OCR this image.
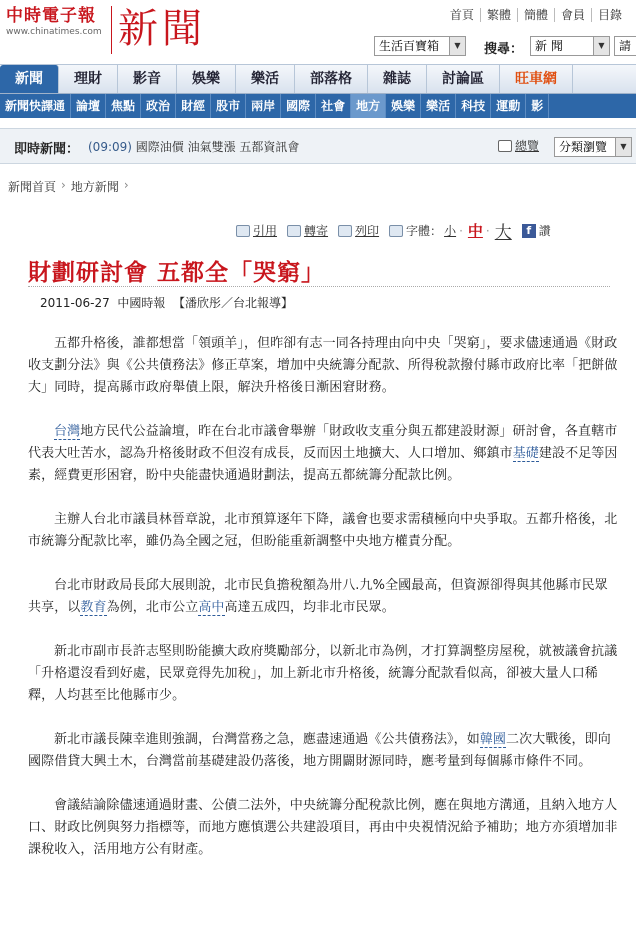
中時電子報
www.chinatimes.com 新聞	首頁	繁體	簡體	會員	目錄
生活百寶箱	▼	搜尋： 新 聞	▼	請
新聞	理財	影音	娛樂	樂活	部落格	雜誌	討論區	旺車網
新聞快譯通 論壇 焦點 政治 財經 股市 兩岸 國際 社會 地方 娛樂 樂活 科技 運動 影
即時新聞： (09:09) 國際油價 油氣雙漲 五都資訊會	總覽	分類瀏覽	▼
新聞首頁 › 地方新聞 ›
引用 轉寄 列印 字體： 小 · 中 · 大	f 讚
財劃研討會 五都全「哭窮」
2011-06-27 中國時報 【潘欣彤／台北報導】

五都升格後，誰都想當「領頭羊」，但昨卻有志一同各持理由向中央「哭窮」，要求儘速通過《財政收支劃分法》與《公共債務法》修正草案，增加中央統籌分配款、所得稅款撥付縣市政府比率「把餅做大」同時，提高縣市政府舉債上限，解決升格後日漸困窘財務。

台灣地方民代公益論壇，昨在台北市議會舉辦「財政收支重分與五都建設財源」研討會，各直轄市代表大吐苦水，認為升格後財政不但沒有成長，反而因土地擴大、人口增加、鄉鎮市基礎建設不足等因素，經費更形困窘，盼中央能盡快通過財劃法，提高五都統籌分配款比例。

主辦人台北市議員林晉章說，北市預算逐年下降，議會也要求需積極向中央爭取。五都升格後，北市統籌分配款比率，雖仍為全國之冠，但盼能重新調整中央地方權責分配。

台北市財政局長邱大展則說，北市民負擔稅額為卅八.九%全國最高，但資源卻得與其他縣市民眾共享，以教育為例，北市公立高中高達五成四，均非北市民眾。

新北市副市長許志堅則盼能擴大政府獎勵部分，以新北市為例，才打算調整房屋稅，就被議會抗議「升格還沒看到好處，民眾竟得先加稅」，加上新北市升格後，統籌分配款看似高，卻被大量人口稀釋，人均甚至比他縣市少。

新北市議長陳幸進則強調，台灣當務之急，應盡速通過《公共債務法》，如韓國二次大戰後，即向國際借貸大興土木，台灣當前基礎建設仍落後，地方開闢財源同時，應考量到每個縣市條件不同。

會議結論除儘速通過財畫、公債二法外，中央統籌分配稅款比例，應在與地方溝通，且納入地方人口、財政比例與努力指標等，而地方應慎選公共建設項目，再由中央視情況給予補助；地方亦須增加非課稅收入，活用地方公有財產。
